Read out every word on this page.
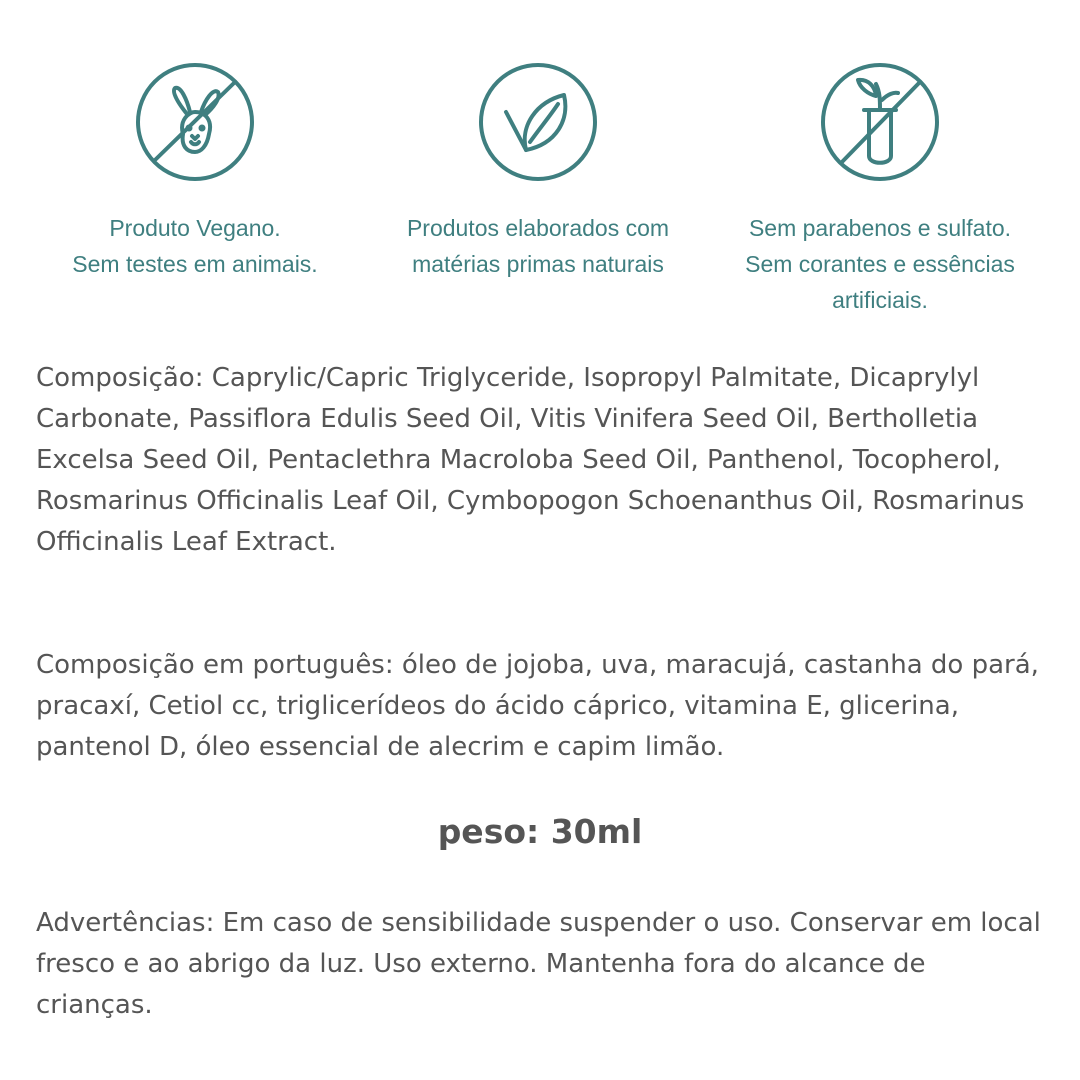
Produto Vegano.
Sem testes em animais.
Produtos elaborados com
matérias primas naturais
Sem parabenos e sulfato.
Sem corantes e essências
artificiais.

Composição: Caprylic/Capric Triglyceride, Isopropyl Palmitate, Dicaprylyl Carbonate, Passiflora Edulis Seed Oil, Vitis Vinifera Seed Oil, Bertholletia Excelsa Seed Oil, Pentaclethra Macroloba Seed Oil, Panthenol, Tocopherol, Rosmarinus Officinalis Leaf Oil, Cymbopogon Schoenanthus Oil, Rosmarinus Officinalis Leaf Extract.

Composição em português: óleo de jojoba, uva, maracujá, castanha do pará, pracaxí, Cetiol cc, triglicerídeos do ácido cáprico, vitamina E, glicerina, pantenol D, óleo essencial de alecrim e capim limão.

peso: 30ml

Advertências: Em caso de sensibilidade suspender o uso. Conservar em local fresco e ao abrigo da luz. Uso externo. Mantenha fora do alcance de crianças.
